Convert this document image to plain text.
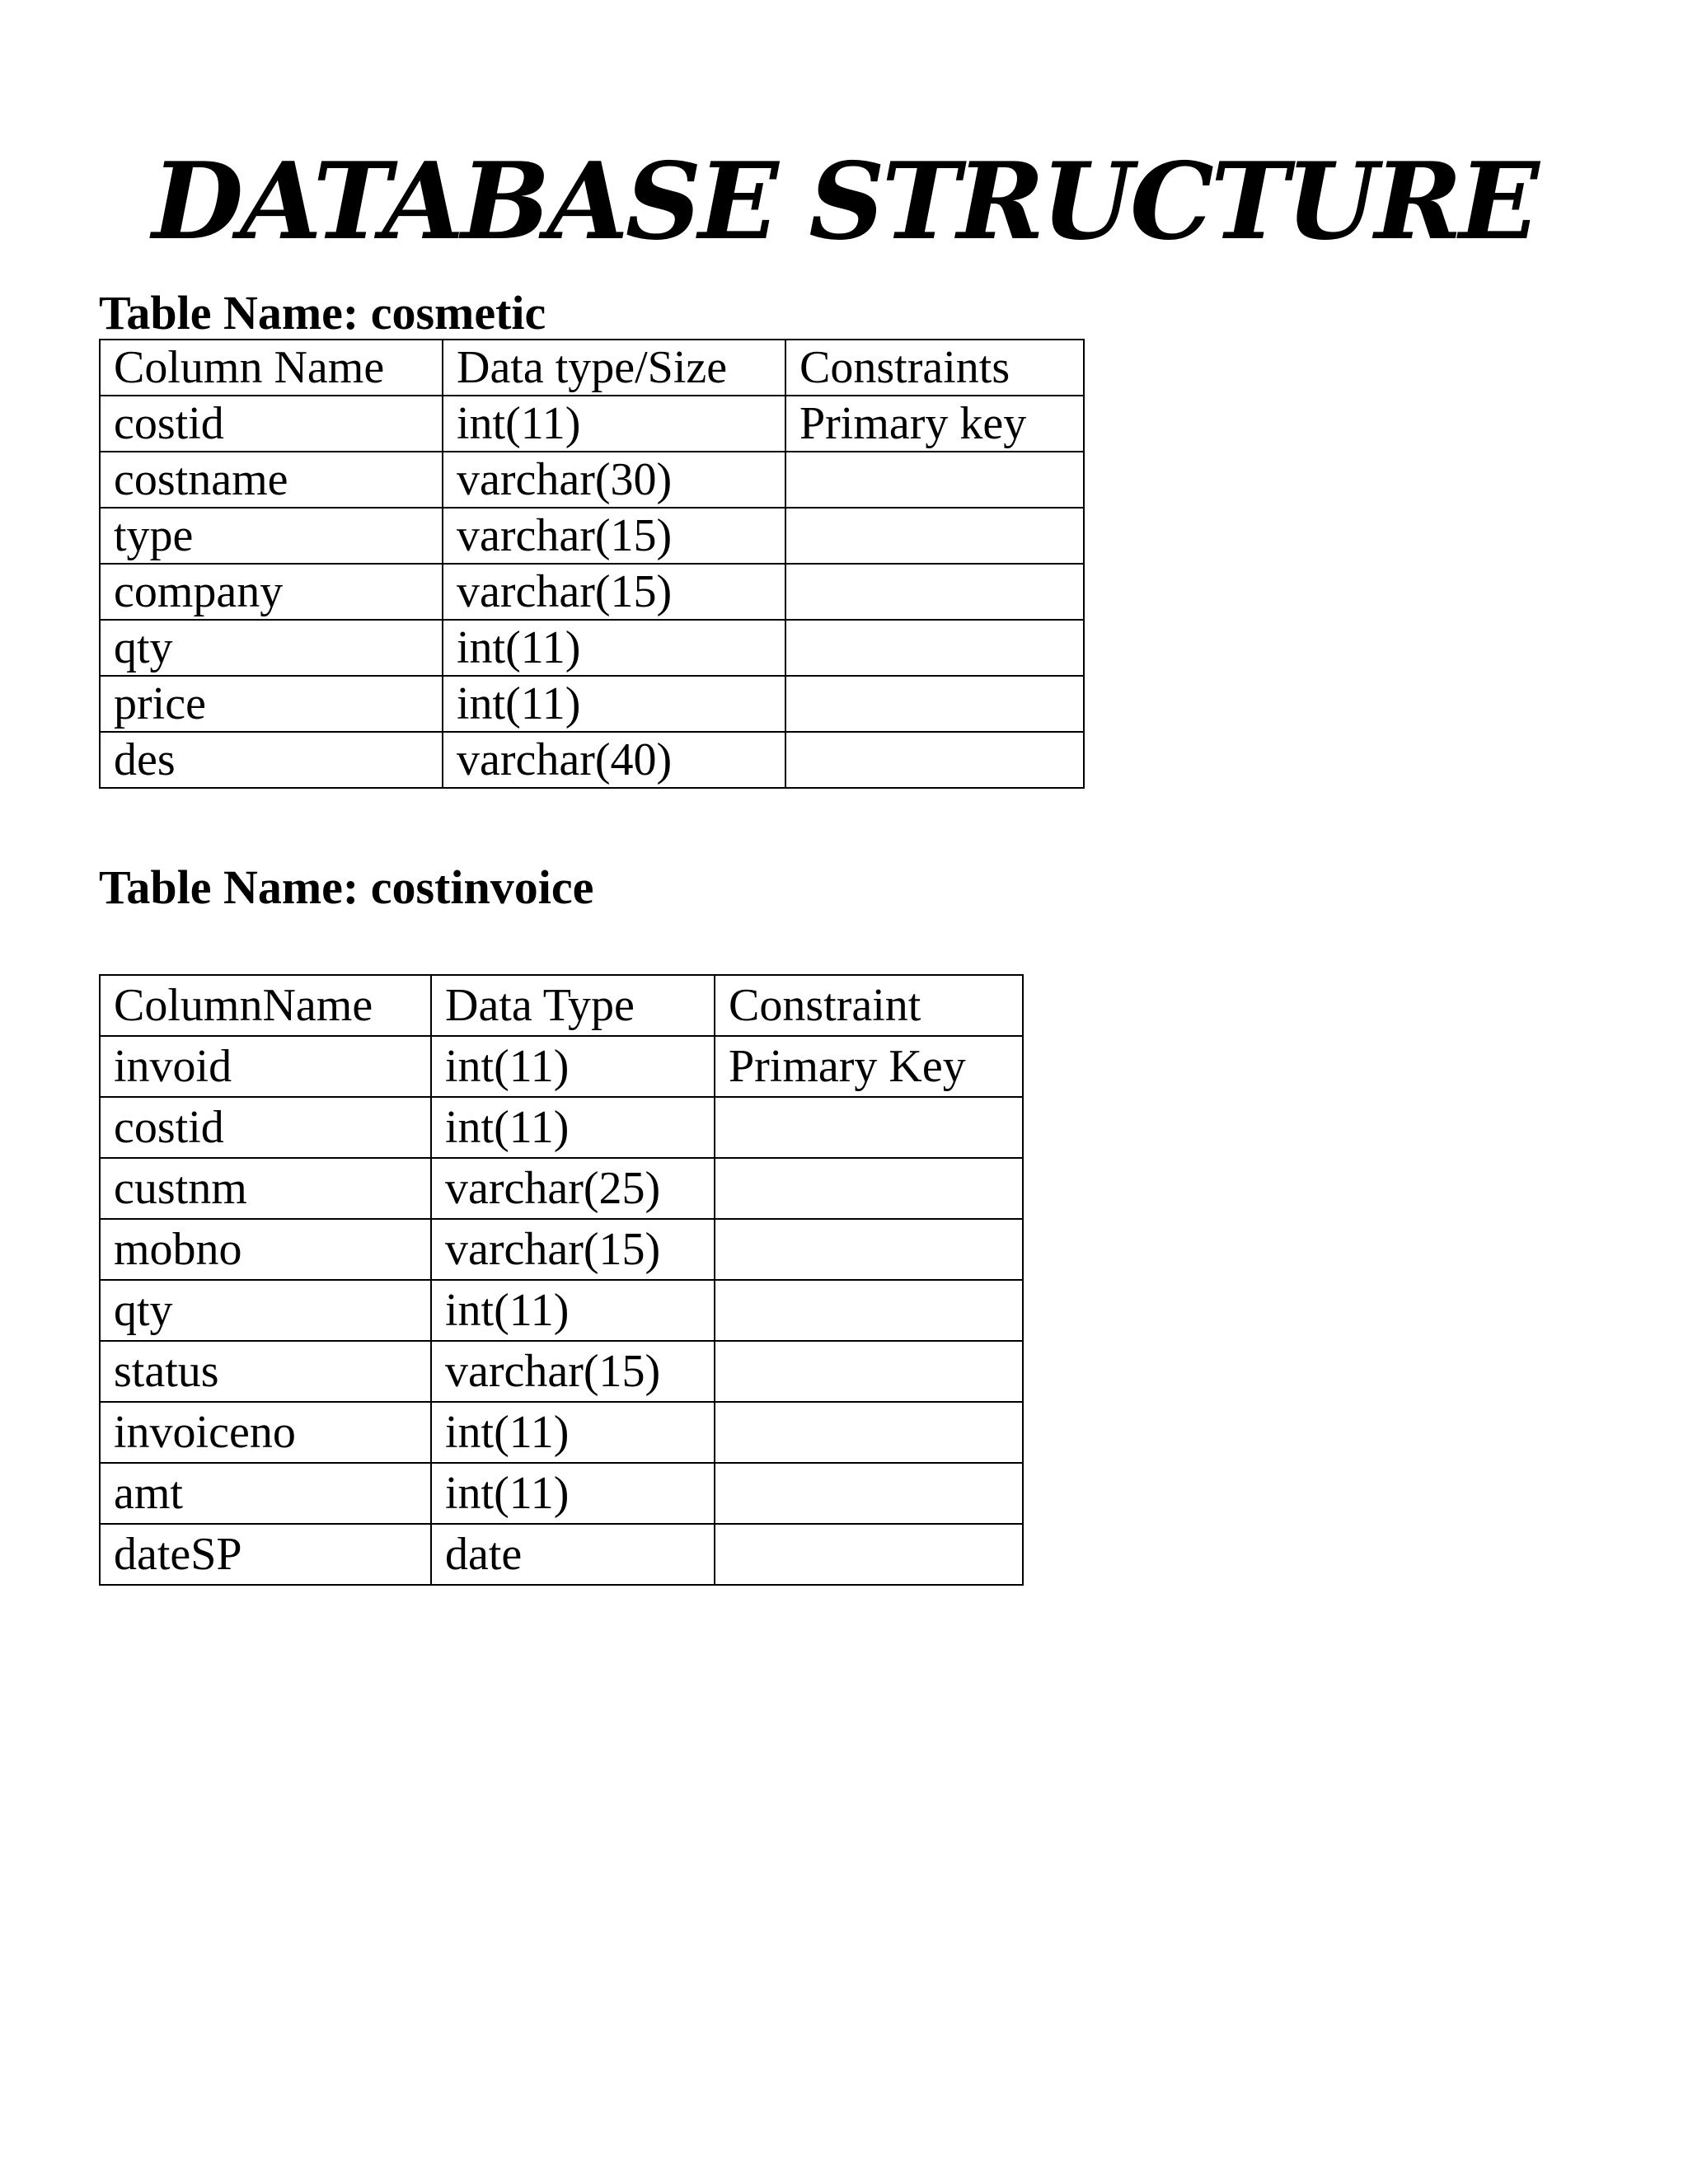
DATABASE STRUCTURE
Table Name: cosmetic
Column Name	Data type/Size	Constraints
costid	int(11)	Primary key
costname	varchar(30)	
type	varchar(15)	
company	varchar(15)	
qty	int(11)	
price	int(11)	
des	varchar(40)	
Table Name: costinvoice
ColumnName	Data Type	Constraint
invoid	int(11)	Primary Key
costid	int(11)	
custnm	varchar(25)	
mobno	varchar(15)	
qty	int(11)	
status	varchar(15)	
invoiceno	int(11)	
amt	int(11)	
dateSP	date	
